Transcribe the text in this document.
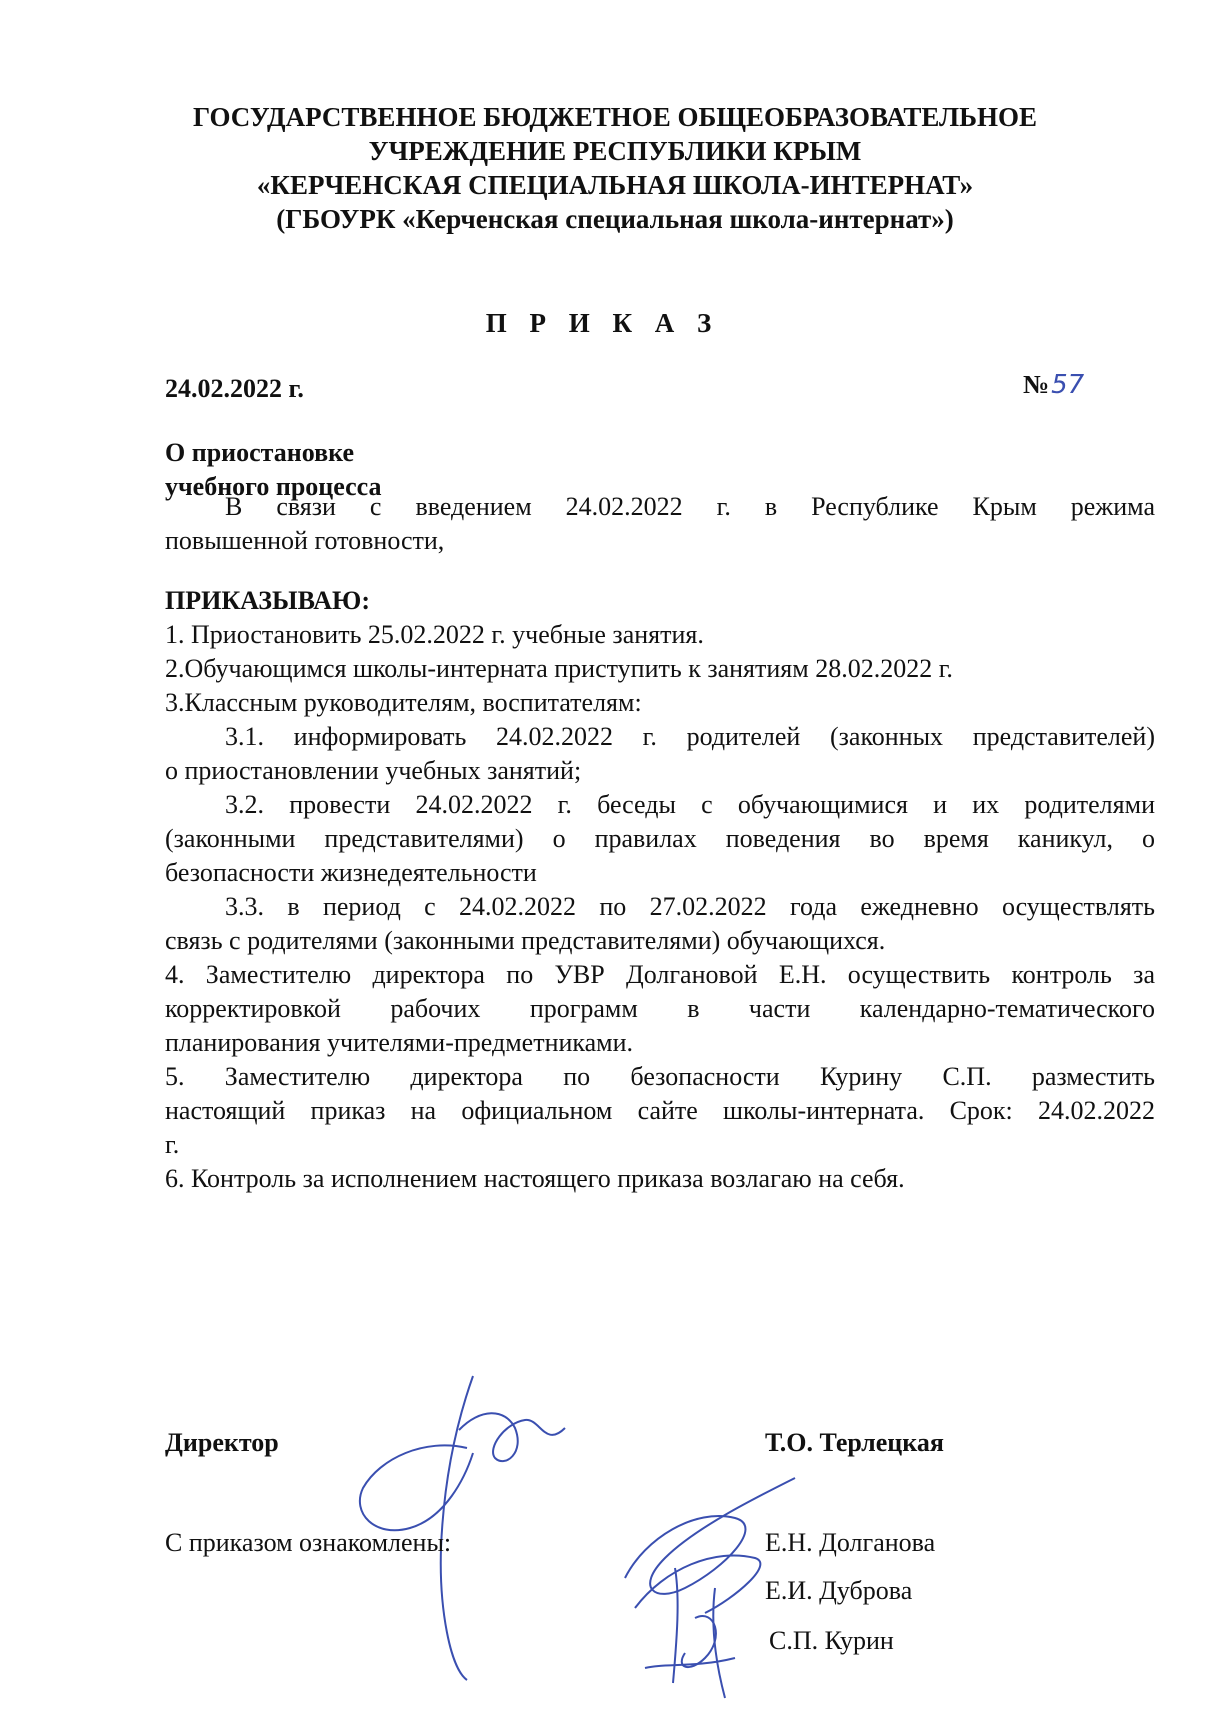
ГОСУДАРСТВЕННОЕ БЮДЖЕТНОЕ ОБЩЕОБРАЗОВАТЕЛЬНОЕ
УЧРЕЖДЕНИЕ РЕСПУБЛИКИ КРЫМ
«КЕРЧЕНСКАЯ СПЕЦИАЛЬНАЯ ШКОЛА-ИНТЕРНАТ»
(ГБОУРК «Керченская специальная школа-интернат»)
П Р И К А З
24.02.2022 г.	№57
О приостановке
учебного процесса
В связи с введением 24.02.2022 г. в Республике Крым режима
повышенной готовности,
ПРИКАЗЫВАЮ:
1. Приостановить 25.02.2022 г. учебные занятия.
2.Обучающимся школы-интерната приступить к занятиям 28.02.2022 г.
3.Классным руководителям, воспитателям:
3.1. информировать 24.02.2022 г. родителей (законных представителей)
о приостановлении учебных занятий;
3.2. провести 24.02.2022 г. беседы с обучающимися и их родителями
(законными представителями) о правилах поведения во время каникул, о
безопасности жизнедеятельности
3.3. в период с 24.02.2022 по 27.02.2022 года ежедневно осуществлять
связь с родителями (законными представителями) обучающихся.
4. Заместителю директора по УВР Долгановой Е.Н. осуществить контроль за
корректировкой рабочих программ в части календарно-тематического
планирования учителями-предметниками.
5. Заместителю директора по безопасности Курину С.П. разместить
настоящий приказ на официальном сайте школы-интерната. Срок: 24.02.2022
г.
6. Контроль за исполнением настоящего приказа возлагаю на себя.
Директор	Т.О. Терлецкая
С приказом ознакомлены:	Е.Н. Долганова
Е.И. Дуброва
С.П. Курин
